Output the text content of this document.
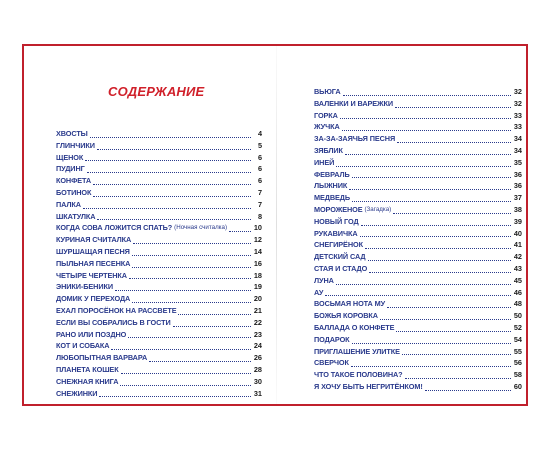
СОДЕРЖАНИЕ
ХВОСТЫ	4
ГЛИНЧИКИ	5
ЩЕНОК	6
ПУДИНГ	6
КОНФЕТА	6
БОТИНОК	7
ПАЛКА	7
ШКАТУЛКА	8
КОГДА СОВА ЛОЖИТСЯ СПАТЬ? (Ночная считалка)	10
КУРИНАЯ СЧИТАЛКА	12
ШУРШАЩАЯ ПЕСНЯ	14
ПЫЛЬНАЯ ПЕСЕНКА	16
ЧЕТЫРЕ ЧЕРТЕНКА	18
ЭНИКИ-БЕНИКИ	19
ДОМИК У ПЕРЕХОДА	20
ЕХАЛ ПОРОСЁНОК НА РАССВЕТЕ	21
ЕСЛИ ВЫ СОБРАЛИСЬ В ГОСТИ	22
РАНО ИЛИ ПОЗДНО	23
КОТ И СОБАКА	24
ЛЮБОПЫТНАЯ ВАРВАРА	26
ПЛАНЕТА КОШЕК	28
СНЕЖНАЯ КНИГА	30
СНЕЖИНКИ	31
ВЬЮГА	32
ВАЛЕНКИ И ВАРЕЖКИ	32
ГОРКА	33
ЖУЧКА	33
ЗА-ЗА-ЗАЯЧЬЯ ПЕСНЯ	34
ЗЯБЛИК	34
ИНЕЙ	35
ФЕВРАЛЬ	36
ЛЫЖНИК	36
МЕДВЕДЬ	37
МОРОЖЕНОЕ (Загадка)	38
НОВЫЙ ГОД	39
РУКАВИЧКА	40
СНЕГИРЁНОК	41
ДЕТСКИЙ САД	42
СТАЯ И СТАДО	43
ЛУНА	45
АУ	46
ВОСЬМАЯ НОТА МУ	48
БОЖЬЯ КОРОВКА	50
БАЛЛАДА О КОНФЕТЕ	52
ПОДАРОК	54
ПРИГЛАШЕНИЕ УЛИТКЕ	55
СВЕРЧОК	56
ЧТО ТАКОЕ ПОЛОВИНА?	58
Я ХОЧУ БЫТЬ НЕГРИТЁНКОМ!	60
